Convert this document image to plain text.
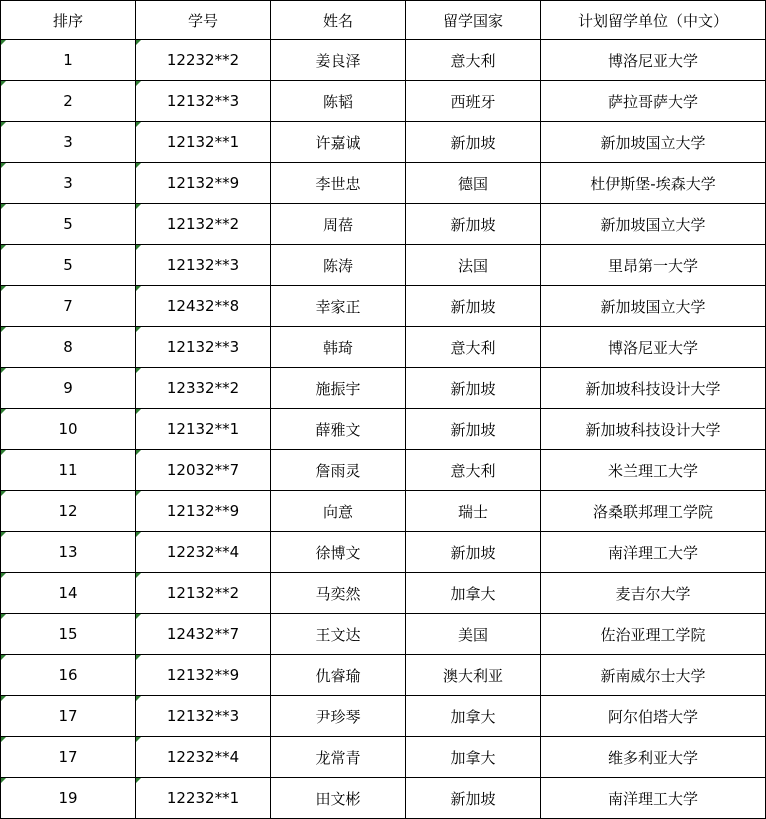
排序	学号	姓名	留学国家	计划留学单位（中文）
1	12232**2	姜良泽	意大利	博洛尼亚大学
2	12132**3	陈韬	西班牙	萨拉哥萨大学
3	12132**1	许嘉诚	新加坡	新加坡国立大学
3	12132**9	李世忠	德国	杜伊斯堡-埃森大学
5	12132**2	周蓓	新加坡	新加坡国立大学
5	12132**3	陈涛	法国	里昂第一大学
7	12432**8	幸家正	新加坡	新加坡国立大学
8	12132**3	韩琦	意大利	博洛尼亚大学
9	12332**2	施振宇	新加坡	新加坡科技设计大学
10	12132**1	薛雅文	新加坡	新加坡科技设计大学
11	12032**7	詹雨灵	意大利	米兰理工大学
12	12132**9	向意	瑞士	洛桑联邦理工学院
13	12232**4	徐博文	新加坡	南洋理工大学
14	12132**2	马奕然	加拿大	麦吉尔大学
15	12432**7	王文达	美国	佐治亚理工学院
16	12132**9	仇睿瑜	澳大利亚	新南威尔士大学
17	12132**3	尹珍琴	加拿大	阿尔伯塔大学
17	12232**4	龙常青	加拿大	维多利亚大学
19	12232**1	田文彬	新加坡	南洋理工大学
